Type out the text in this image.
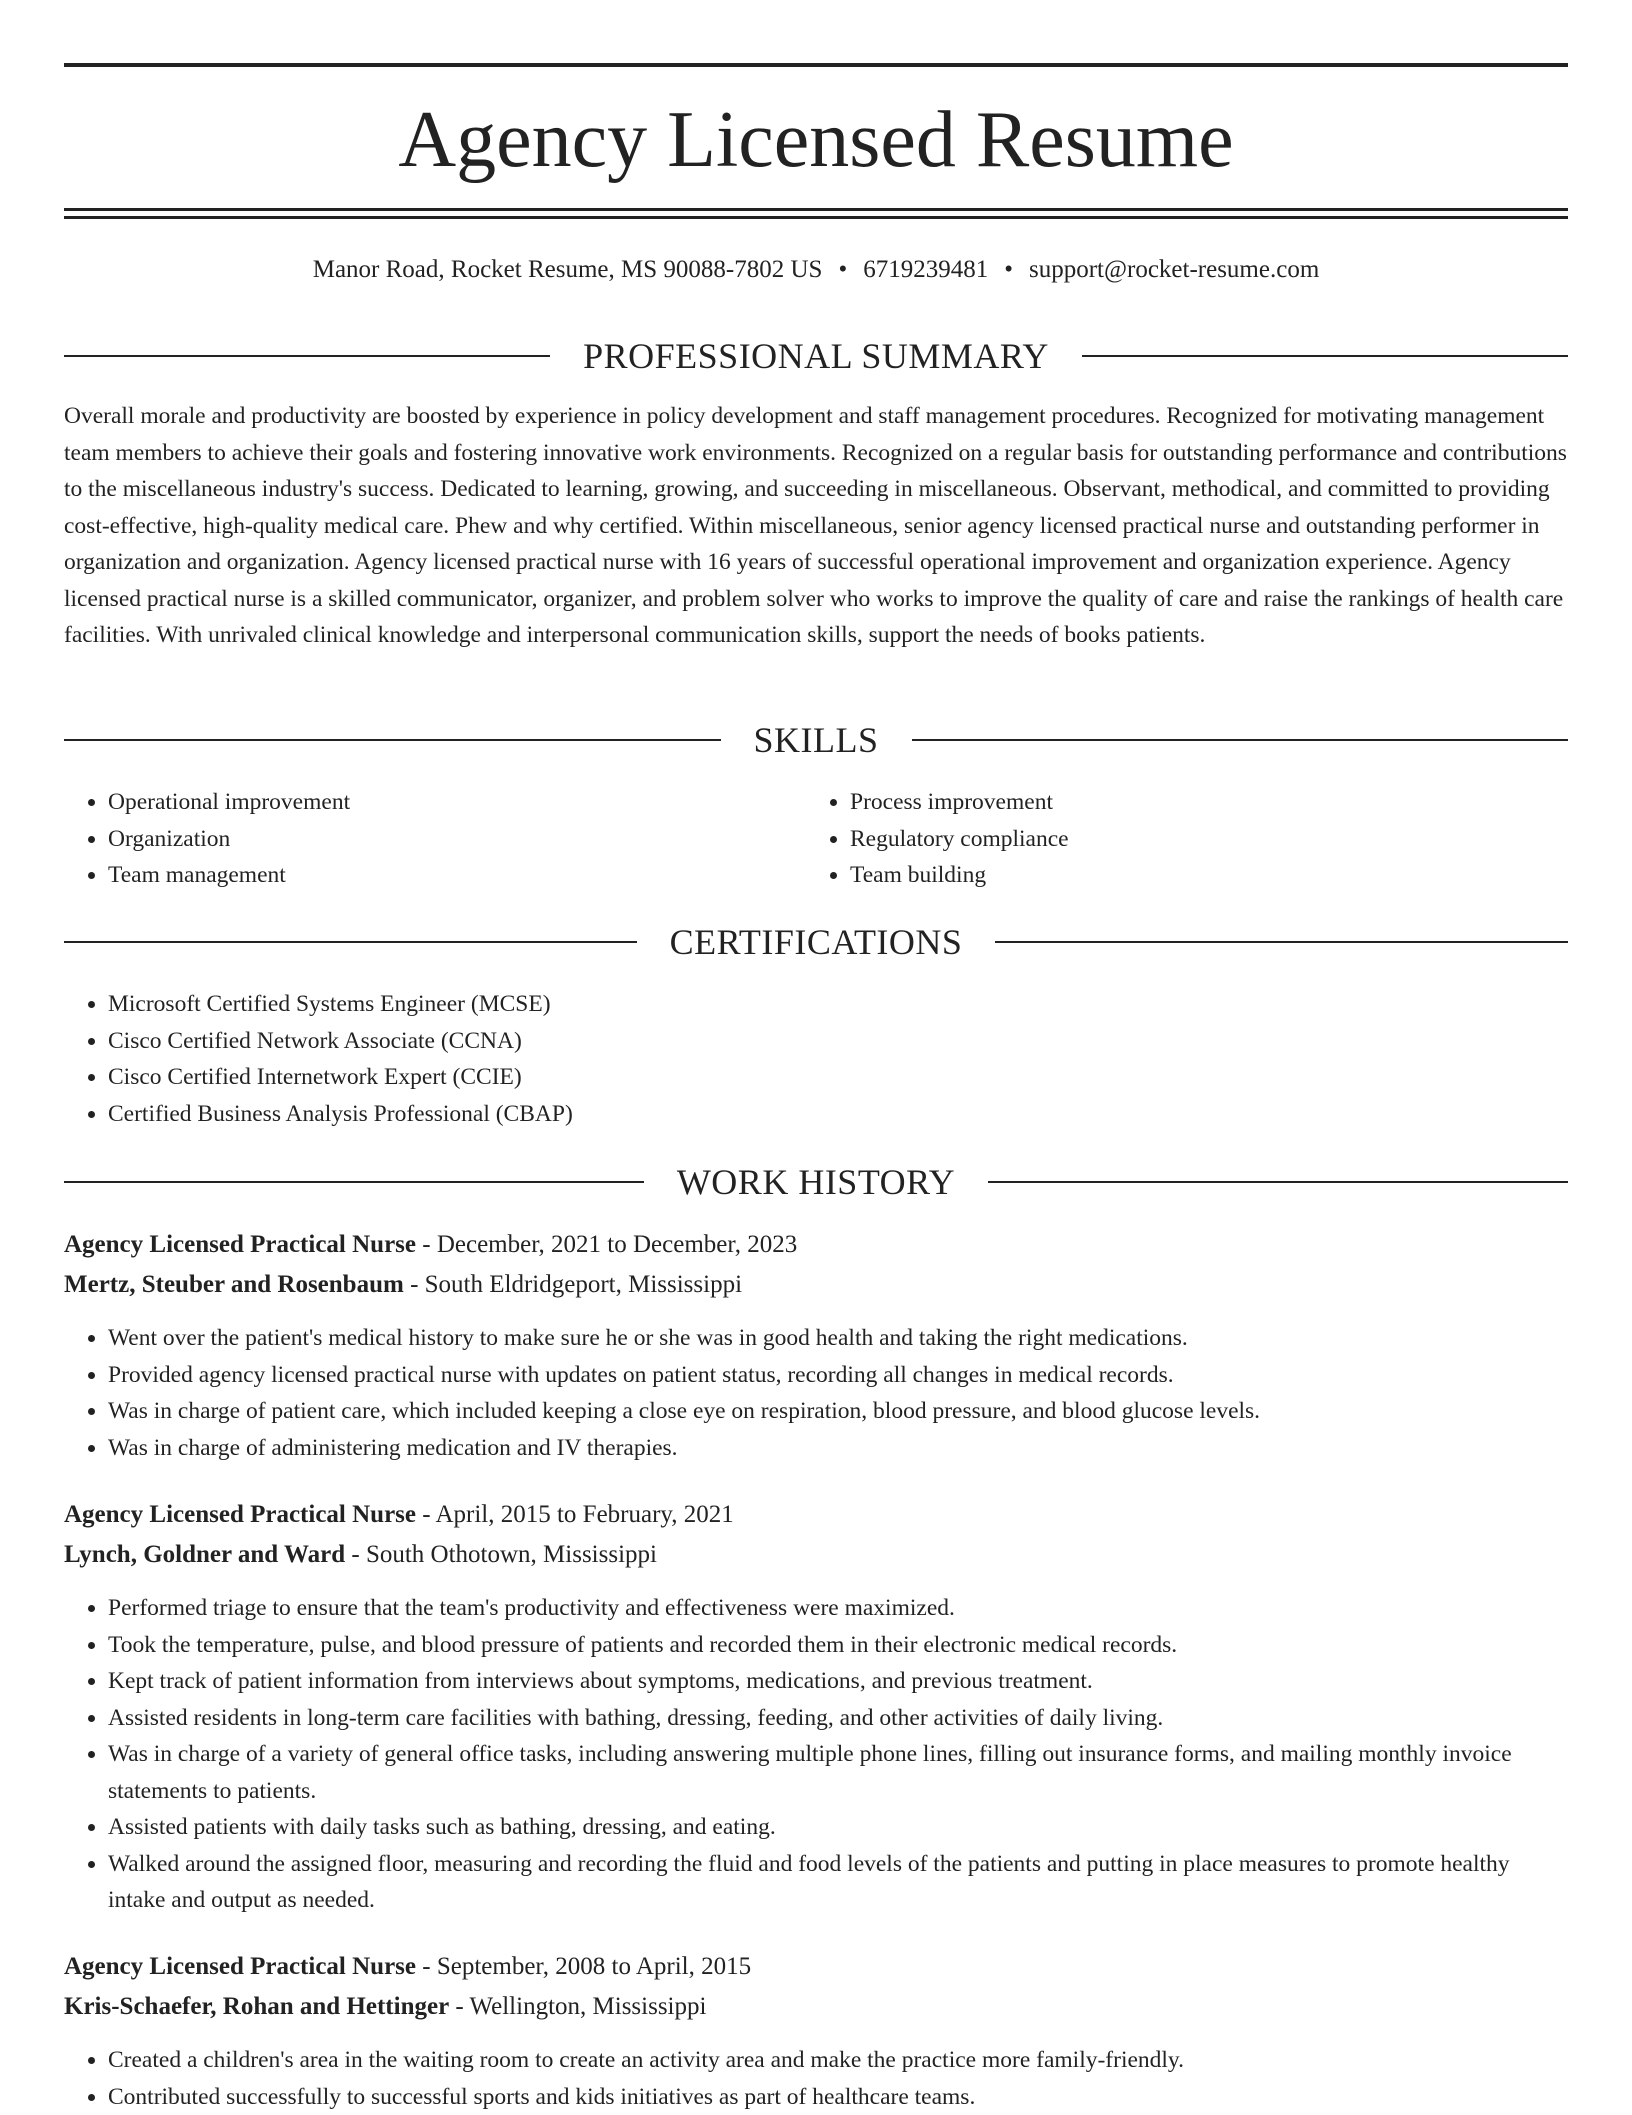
Agency Licensed Resume
Manor Road, Rocket Resume, MS 90088-7802 US • 6719239481 • support@rocket-resume.com
PROFESSIONAL SUMMARY

Overall morale and productivity are boosted by experience in policy development and staff management procedures. Recognized for motivating management team members to achieve their goals and fostering innovative work environments. Recognized on a regular basis for outstanding performance and contributions to the miscellaneous industry's success. Dedicated to learning, growing, and succeeding in miscellaneous. Observant, methodical, and committed to providing cost-effective, high-quality medical care. Phew and why certified. Within miscellaneous, senior agency licensed practical nurse and outstanding performer in organization and organization. Agency licensed practical nurse with 16 years of successful operational improvement and organization experience. Agency licensed practical nurse is a skilled communicator, organizer, and problem solver who works to improve the quality of care and raise the rankings of health care facilities. With unrivaled clinical knowledge and interpersonal communication skills, support the needs of books patients.

SKILLS
• Operational improvement
• Organization
• Team management
• Process improvement
• Regulatory compliance
• Team building
CERTIFICATIONS
• Microsoft Certified Systems Engineer (MCSE)
• Cisco Certified Network Associate (CCNA)
• Cisco Certified Internetwork Expert (CCIE)
• Certified Business Analysis Professional (CBAP)
WORK HISTORY
Agency Licensed Practical Nurse - December, 2021 to December, 2023
Mertz, Steuber and Rosenbaum - South Eldridgeport, Mississippi
• Went over the patient's medical history to make sure he or she was in good health and taking the right medications.
• Provided agency licensed practical nurse with updates on patient status, recording all changes in medical records.
• Was in charge of patient care, which included keeping a close eye on respiration, blood pressure, and blood glucose levels.
• Was in charge of administering medication and IV therapies.
Agency Licensed Practical Nurse - April, 2015 to February, 2021
Lynch, Goldner and Ward - South Othotown, Mississippi
• Performed triage to ensure that the team's productivity and effectiveness were maximized.
• Took the temperature, pulse, and blood pressure of patients and recorded them in their electronic medical records.
• Kept track of patient information from interviews about symptoms, medications, and previous treatment.
• Assisted residents in long-term care facilities with bathing, dressing, feeding, and other activities of daily living.
• Was in charge of a variety of general office tasks, including answering multiple phone lines, filling out insurance forms, and mailing monthly invoice statements to patients.
• Assisted patients with daily tasks such as bathing, dressing, and eating.
• Walked around the assigned floor, measuring and recording the fluid and food levels of the patients and putting in place measures to promote healthy intake and output as needed.
Agency Licensed Practical Nurse - September, 2008 to April, 2015
Kris-Schaefer, Rohan and Hettinger - Wellington, Mississippi
• Created a children's area in the waiting room to create an activity area and make the practice more family-friendly.
• Contributed successfully to successful sports and kids initiatives as part of healthcare teams.
